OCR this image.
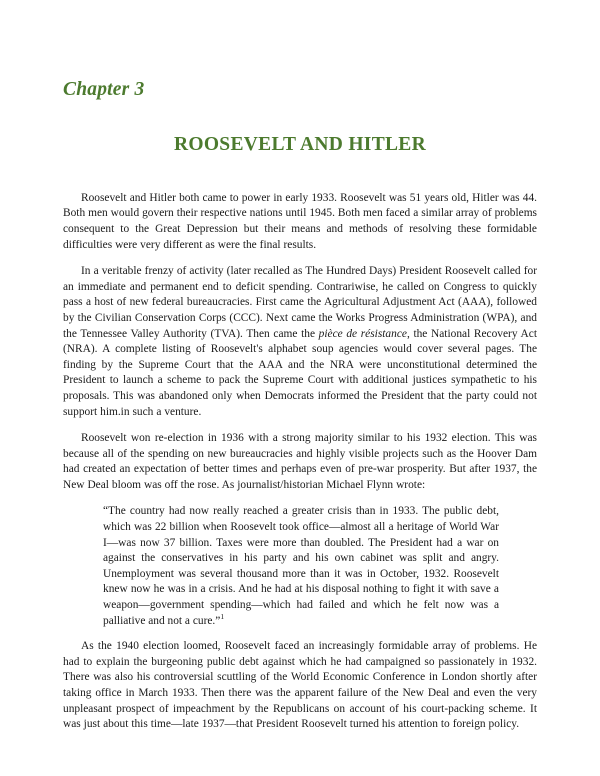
Chapter 3
ROOSEVELT AND HITLER

Roosevelt and Hitler both came to power in early 1933. Roosevelt was 51 years old, Hitler was 44. Both men would govern their respective nations until 1945. Both men faced a similar array of problems consequent to the Great Depression but their means and methods of resolving these formidable difficulties were very different as were the final results.

In a veritable frenzy of activity (later recalled as The Hundred Days) President Roosevelt called for an immediate and permanent end to deficit spending. Contrariwise, he called on Congress to quickly pass a host of new federal bureaucracies. First came the Agricultural Adjustment Act (AAA), followed by the Civilian Conservation Corps (CCC). Next came the Works Progress Administration (WPA), and the Tennessee Valley Authority (TVA). Then came the pièce de résistance, the National Recovery Act (NRA). A complete listing of Roosevelt's alphabet soup agencies would cover several pages. The finding by the Supreme Court that the AAA and the NRA were unconstitutional determined the President to launch a scheme to pack the Supreme Court with additional justices sympathetic to his proposals. This was abandoned only when Democrats informed the President that the party could not support him.in such a venture.

Roosevelt won re-election in 1936 with a strong majority similar to his 1932 election. This was because all of the spending on new bureaucracies and highly visible projects such as the Hoover Dam had created an expectation of better times and perhaps even of pre-war prosperity. But after 1937, the New Deal bloom was off the rose. As journalist/historian Michael Flynn wrote:

“The country had now really reached a greater crisis than in 1933. The public debt, which was 22 billion when Roosevelt took office—almost all a heritage of World War I—was now 37 billion. Taxes were more than doubled. The President had a war on against the conservatives in his party and his own cabinet was split and angry. Unemployment was several thousand more than it was in October, 1932. Roosevelt knew now he was in a crisis. And he had at his disposal nothing to fight it with save a weapon—government spending—which had failed and which he felt now was a palliative and not a cure.”$^1$

As the 1940 election loomed, Roosevelt faced an increasingly formidable array of problems. He had to explain the burgeoning public debt against which he had campaigned so passionately in 1932. There was also his controversial scuttling of the World Economic Conference in London shortly after taking office in March 1933. Then there was the apparent failure of the New Deal and even the very unpleasant prospect of impeachment by the Republicans on account of his court-packing scheme. It was just about this time—late 1937—that President Roosevelt turned his attention to foreign policy.
